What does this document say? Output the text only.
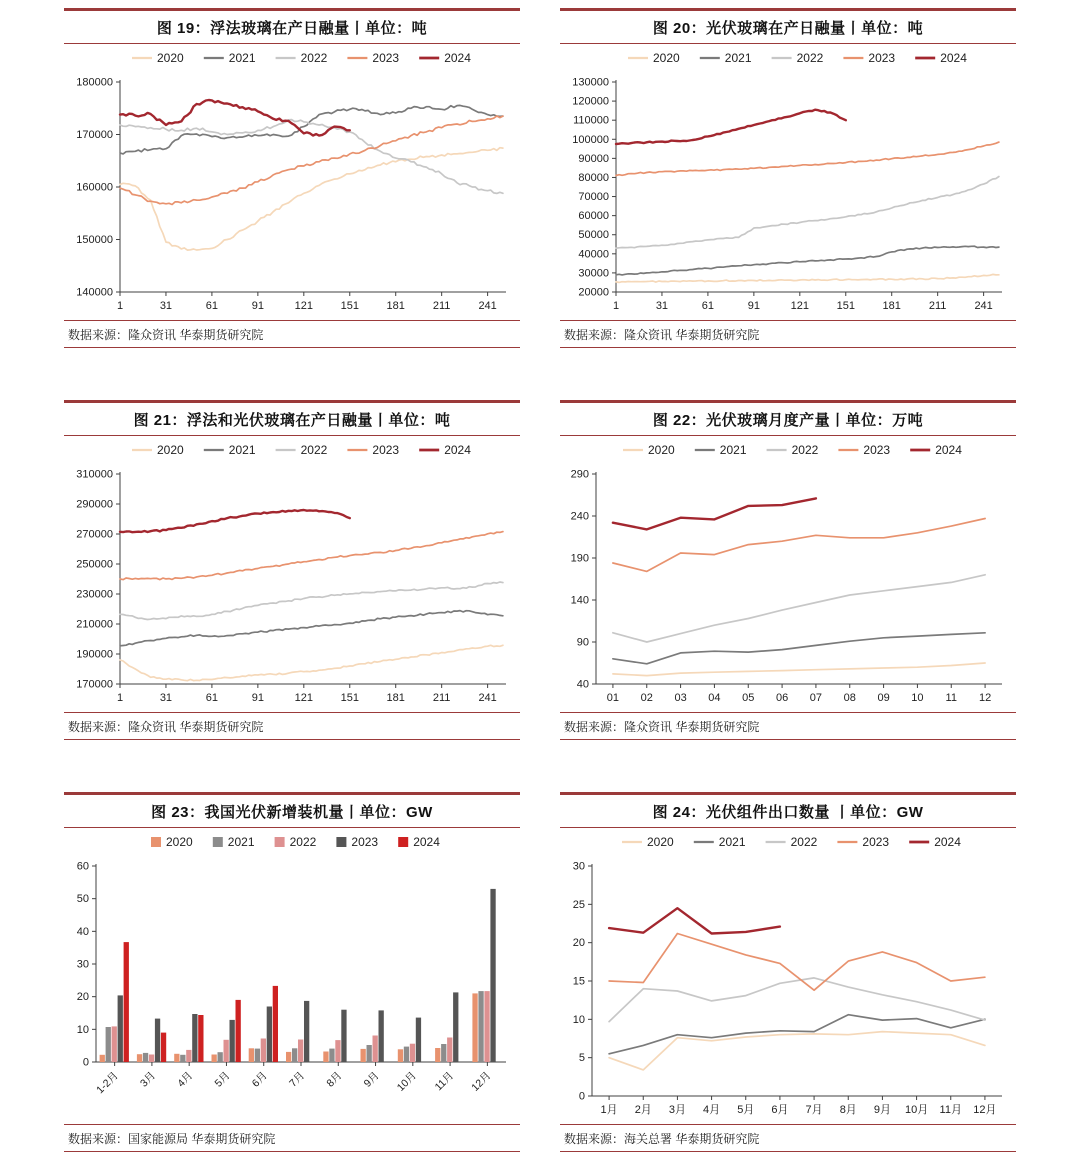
图 19：浮法玻璃在产日融量丨单位：吨
140000
150000
160000
170000
180000
1	31	61	91	121	151	181	211	241
2020	2021	2022	2023	2024
数据来源：隆众资讯 华泰期货研究院
图 20：光伏玻璃在产日融量丨单位：吨
20000
30000
40000
50000
60000
70000
80000
90000
100000
110000
120000
130000
1	31	61	91	121	151	181	211	241
2020	2021	2022	2023	2024
数据来源：隆众资讯 华泰期货研究院
图 21：浮法和光伏玻璃在产日融量丨单位：吨
170000
190000
210000
230000
250000
270000
290000
310000
1	31	61	91	121	151	181	211	241
2020	2021	2022	2023	2024
数据来源：隆众资讯 华泰期货研究院
图 22：光伏玻璃月度产量丨单位：万吨
40
90
140
190
240
290
01 02 03 04 05 06 07 08 09 10 11 12
2020	2021	2022	2023	2024
数据来源：隆众资讯 华泰期货研究院
图 23：我国光伏新增装机量丨单位：GW
0
10
20
30
40
50
60
1-2月 3月 4月 5月 6月 7月 8月 9月 10月 11月 12月
2020	2021	2022	2023	2024
数据来源：国家能源局 华泰期货研究院
图 24：光伏组件出口数量 丨单位：GW
0
5
10
15
20
25
30
1月 2月 3月 4月 5月 6月 7月 8月 9月 10月 11月 12月
2020	2021	2022	2023	2024
数据来源：海关总署 华泰期货研究院
